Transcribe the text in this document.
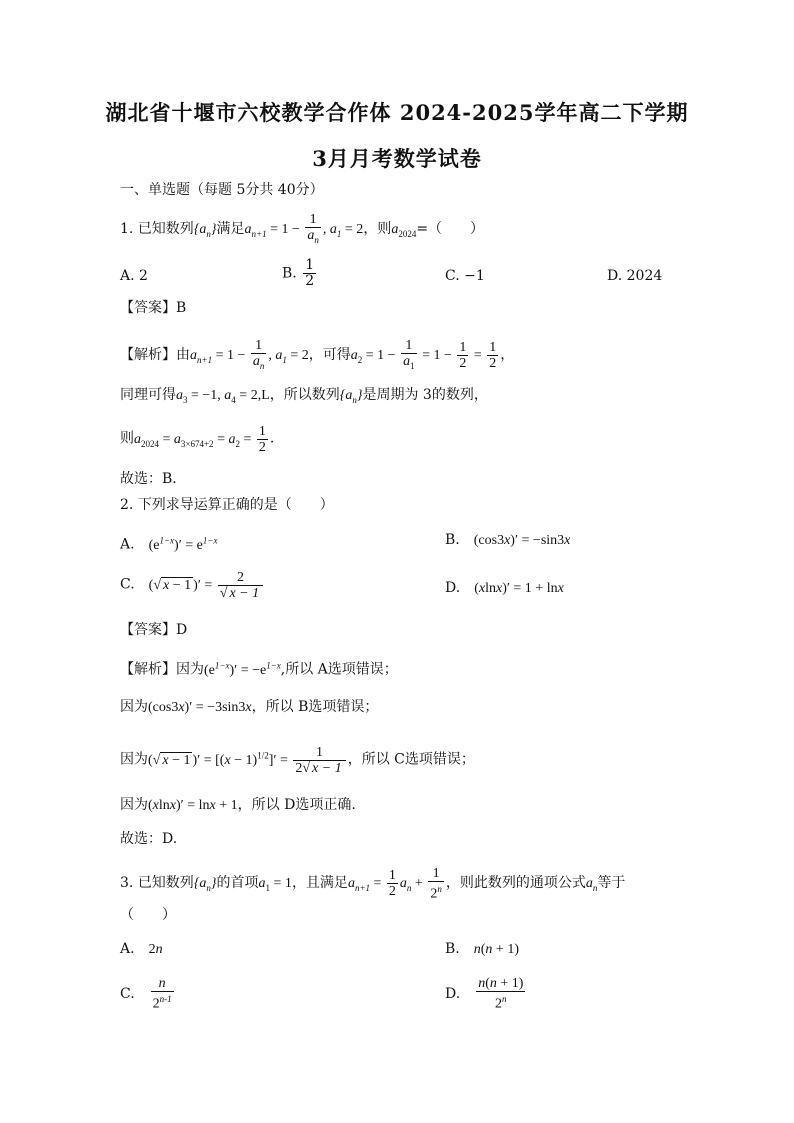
湖北省十堰市六校教学合作体 2024-2025学年高二下学期
3月月考数学试卷
一、单选题（每题 5分共 40分）
1. 已知数列$\{a_n\}$满足$a_{n+1} = 1 - \frac{1}{a_n}$ , $a_1 = 2$，则$a_{2024}=$（　　）
A. 2	B. $\frac{1}{2}$	C. −1	D. 2024
【答案】B
【解析】由$a_{n+1} = 1 - \frac{1}{a_n}$ , $a_1 = 2$，可得$a_2 = 1 - \frac{1}{a_1} = 1 - \frac{1}{2} = \frac{1}{2}$ ，
同理可得$a_3 = -1$, $a_4 = 2,L$，所以数列$\{a_n\}$是周期为 3的数列，
则$a_{2024} = a_{3\times 674+2} = a_2 = \frac{1}{2}$ .
故选：B.
2. 下列求导运算正确的是（　　）
A.　$(e^{1-x})' = e^{1-x}$	B.　(cos3x)′ = −sin3x
C.　(√ x − 1 )′ = $\frac{2}{√ x - 1}$	D.　(xlnx)′ = 1 + lnx
【答案】D
【解析】因为$(e^{1-x})' = -e^{1-x}$,所以 A选项错误；
因为(cos3x)′ = −3sin3x，所以 B选项错误；
因为(√ x − 1 )′ = $[(x - 1)^{1/2}]' = \frac{1}{2√ x - 1}$ ，所以 C选项错误；
因为(xlnx)′ = lnx + 1，所以 D选项正确.
故选：D.
3. 已知数列$\{a_n\}$的首项$a_1 = 1$，且满足$a_{n+1} = \frac{1}{2} a_n + \frac{1}{2^n}$ ，则此数列的通项公式$a_n$等于
（　　）
A.　 2n	B.　 n(n + 1)
C.　 $\frac{n}{2^{n-1}}$	D.　 $\frac{n(n + 1)}{2^n}$
